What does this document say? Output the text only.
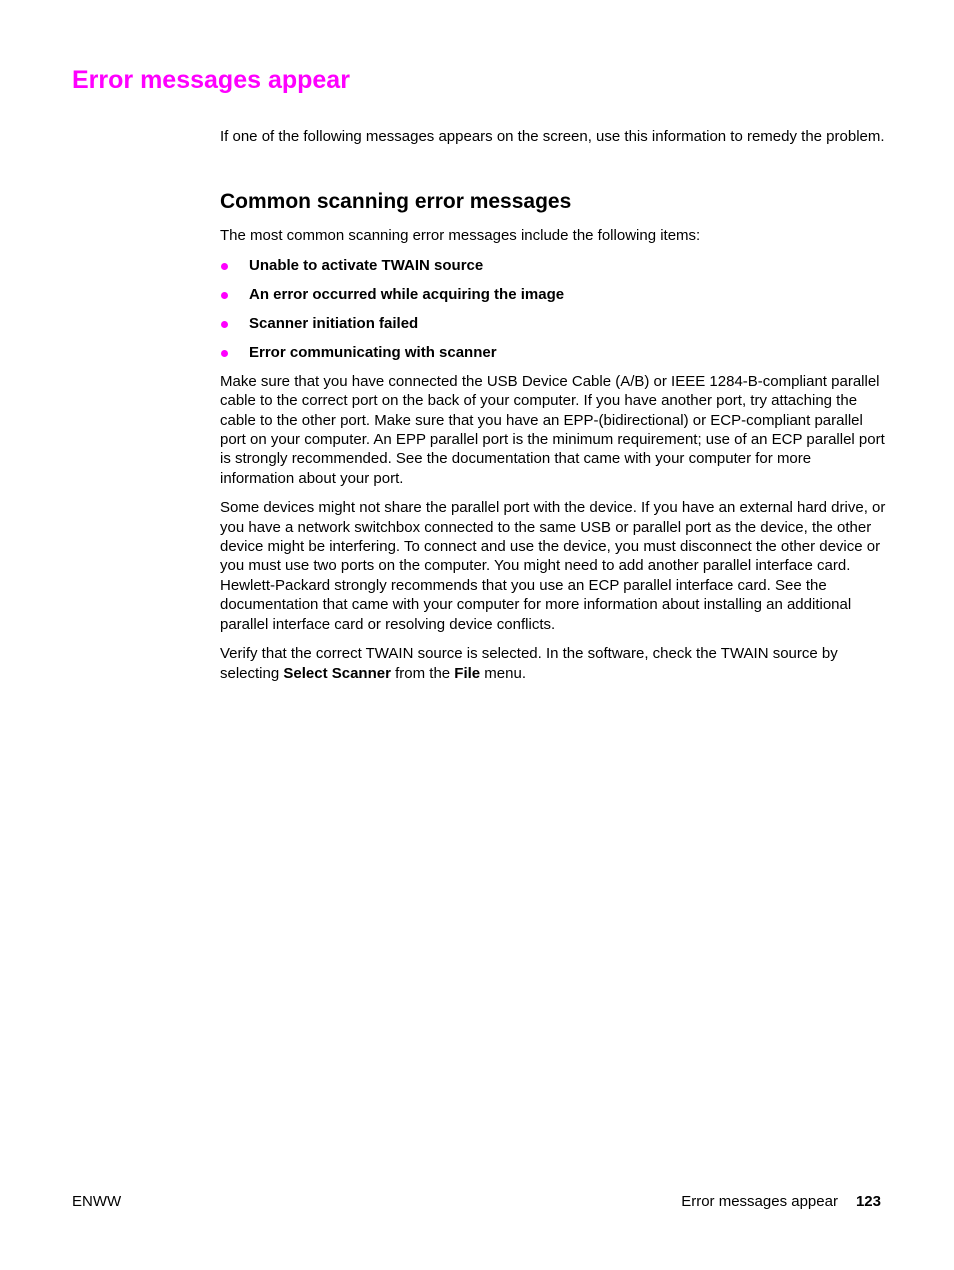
Error messages appear

If one of the following messages appears on the screen, use this information to remedy the problem.

Common scanning error messages

The most common scanning error messages include the following items:

Unable to activate TWAIN source
An error occurred while acquiring the image
Scanner initiation failed
Error communicating with scanner

Make sure that you have connected the USB Device Cable (A/B) or IEEE 1284-B-compliant parallel cable to the correct port on the back of your computer. If you have another port, try attaching the cable to the other port. Make sure that you have an EPP-(bidirectional) or ECP-compliant parallel port on your computer. An EPP parallel port is the minimum requirement; use of an ECP parallel port is strongly recommended. See the documentation that came with your computer for more information about your port.

Some devices might not share the parallel port with the device. If you have an external hard drive, or you have a network switchbox connected to the same USB or parallel port as the device, the other device might be interfering. To connect and use the device, you must disconnect the other device or you must use two ports on the computer. You might need to add another parallel interface card. Hewlett-Packard strongly recommends that you use an ECP parallel interface card. See the documentation that came with your computer for more information about installing an additional parallel interface card or resolving device conflicts.

Verify that the correct TWAIN source is selected. In the software, check the TWAIN source by selecting Select Scanner from the File menu.

ENWW	Error messages appear 123
